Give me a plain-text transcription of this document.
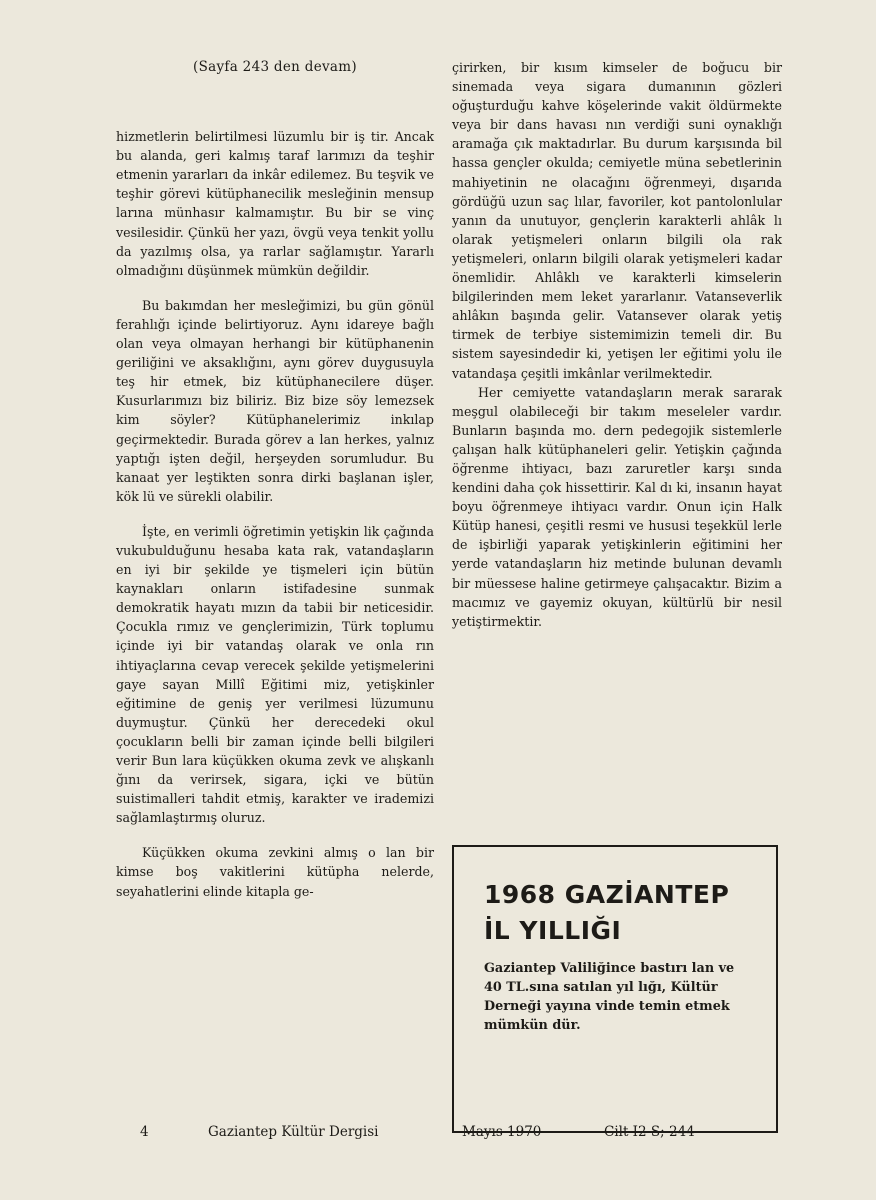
(Sayfa 243 den devam)

hizmetlerin belirtilmesi lüzumlu bir iş tir. Ancak bu alanda, geri kalmış taraf larımızı da teşhir etmenin yararları da inkâr edilemez. Bu teşvik ve teşhir görevi kütüphanecilik mesleğinin mensup larına münhasır kalmamıştır. Bu bir se vinç vesilesidir. Çünkü her yazı, övgü veya tenkit yollu da yazılmış olsa, ya rarlar sağlamıştır. Yararlı olmadığını düşünmek mümkün değildir.

Bu bakımdan her mesleğimizi, bu gün gönül ferahlığı içinde belirtiyoruz. Aynı idareye bağlı olan veya olmayan herhangi bir kütüphanenin geriliğini ve aksaklığını, aynı görev duygusuyla teş hir etmek, biz kütüphanecilere düşer. Kusurlarımızı biz biliriz. Biz bize söy lemezsek kim söyler? Kütüphanelerimiz inkılap geçirmektedir. Burada görev a lan herkes, yalnız yaptığı işten değil, herşeyden sorumludur. Bu kanaat yer leştikten sonra dirki başlanan işler, kök lü ve sürekli olabilir.

İşte, en verimli öğretimin yetişkin lik çağında vukubulduğunu hesaba kata rak, vatandaşların en iyi bir şekilde ye tişmeleri için bütün kaynakları onların istifadesine sunmak demokratik hayatı mızın da tabii bir neticesidir. Çocukla rımız ve gençlerimizin, Türk toplumu içinde iyi bir vatandaş olarak ve onla rın ihtiyaçlarına cevap verecek şekilde yetişmelerini gaye sayan Millî Eğitimi miz, yetişkinler eğitimine de geniş yer verilmesi lüzumunu duymuştur. Çünkü her derecedeki okul çocukların belli bir zaman içinde belli bilgileri verir Bun lara küçükken okuma zevk ve alışkanlı ğını da verirsek, sigara, içki ve bütün suistimalleri tahdit etmiş, karakter ve irademizi sağlamlaştırmış oluruz.

Küçükken okuma zevkini almış o lan bir kimse boş vakitlerini kütüpha nelerde, seyahatlerini elinde kitapla ge-

çirirken, bir kısım kimseler de boğucu bir sinemada veya sigara dumanının gözleri oğuşturduğu kahve köşelerinde vakit öldürmekte veya bir dans havası nın verdiği suni oynaklığı aramağa çık maktadırlar. Bu durum karşısında bil hassa gençler okulda; cemiyetle müna sebetlerinin mahiyetinin ne olacağını öğrenmeyi, dışarıda gördüğü uzun saç lılar, favoriler, kot pantolonlular yanın da unutuyor, gençlerin karakterli ahlâk lı olarak yetişmeleri onların bilgili ola rak yetişmeleri, onların bilgili olarak yetişmeleri kadar önemlidir. Ahlâklı ve karakterli kimselerin bilgilerinden mem leket yararlanır. Vatanseverlik ahlâkın başında gelir. Vatansever olarak yetiş tirmek de terbiye sistemimizin temeli dir. Bu sistem sayesindedir ki, yetişen ler eğitimi yolu ile vatandaşa çeşitli imkânlar verilmektedir.

Her cemiyette vatandaşların merak sararak meşgul olabileceği bir takım meseleler vardır. Bunların başında mo. dern pedegojik sistemlerle çalışan halk kütüphaneleri gelir. Yetişkin çağında öğrenme ihtiyacı, bazı zaruretler karşı sında kendini daha çok hissettirir. Kal dı ki, insanın hayat boyu öğrenmeye ihtiyacı vardır. Onun için Halk Kütüp hanesi, çeşitli resmi ve hususi teşekkül lerle de işbirliği yaparak yetişkinlerin eğitimini her yerde vatandaşların hiz metinde bulunan devamlı bir müessese haline getirmeye çalışacaktır. Bizim a macımız ve gayemiz okuyan, kültürlü bir nesil yetiştirmektir.

1968 GAZİANTEP
İL YILLIĞI
Gaziantep Valiliğince bastırı lan ve 40 TL.sına satılan yıl lığı, Kültür Derneği yayına vinde temin etmek mümkün dür.
4	Gaziantep Kültür Dergisi	Mayıs 1970	Cilt I2 S; 244
